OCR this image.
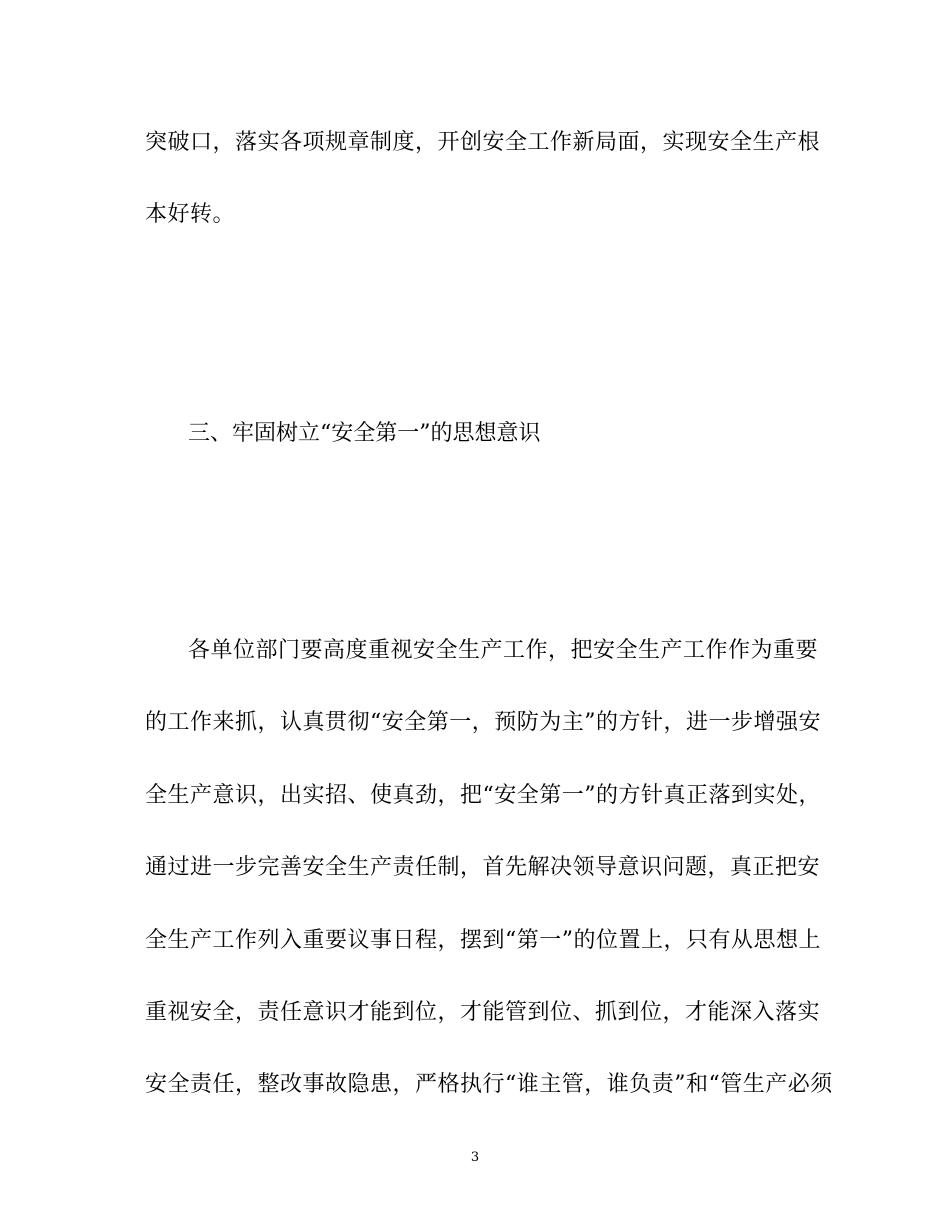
突破口，落实各项规章制度，开创安全工作新局面，实现安全生产根
本好转。
三、牢固树立“安全第一”的思想意识
各单位部门要高度重视安全生产工作，把安全生产工作作为重要
的工作来抓，认真贯彻“安全第一，预防为主”的方针，进一步增强安
全生产意识，出实招、使真劲，把“安全第一”的方针真正落到实处，
通过进一步完善安全生产责任制，首先解决领导意识问题，真正把安
全生产工作列入重要议事日程，摆到“第一”的位置上，只有从思想上
重视安全，责任意识才能到位，才能管到位、抓到位，才能深入落实
安全责任，整改事故隐患，严格执行“谁主管，谁负责”和“管生产必须
3
